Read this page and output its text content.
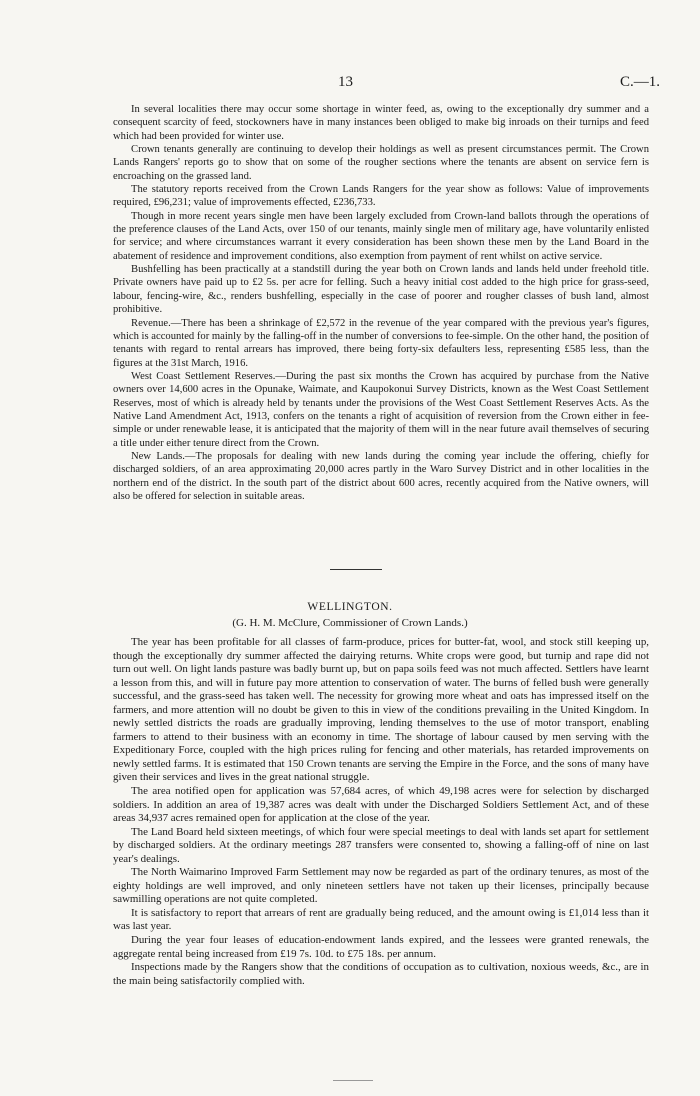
13	C.—1.

In several localities there may occur some shortage in winter feed, as, owing to the exceptionally dry summer and a consequent scarcity of feed, stockowners have in many instances been obliged to make big inroads on their turnips and feed which had been provided for winter use.

Crown tenants generally are continuing to develop their holdings as well as present circumstances permit. The Crown Lands Rangers' reports go to show that on some of the rougher sections where the tenants are absent on service fern is encroaching on the grassed land.

The statutory reports received from the Crown Lands Rangers for the year show as follows: Value of improvements required, £96,231; value of improvements effected, £236,733.

Though in more recent years single men have been largely excluded from Crown-land ballots through the operations of the preference clauses of the Land Acts, over 150 of our tenants, mainly single men of military age, have voluntarily enlisted for service; and where circumstances warrant it every consideration has been shown these men by the Land Board in the abatement of residence and improvement conditions, also exemption from payment of rent whilst on active service.

Bushfelling has been practically at a standstill during the year both on Crown lands and lands held under freehold title. Private owners have paid up to £2 5s. per acre for felling. Such a heavy initial cost added to the high price for grass-seed, labour, fencing-wire, &c., renders bushfelling, especially in the case of poorer and rougher classes of bush land, almost prohibitive.

Revenue.—There has been a shrinkage of £2,572 in the revenue of the year compared with the previous year's figures, which is accounted for mainly by the falling-off in the number of conversions to fee-simple. On the other hand, the position of tenants with regard to rental arrears has improved, there being forty-six defaulters less, representing £585 less, than the figures at the 31st March, 1916.

West Coast Settlement Reserves.—During the past six months the Crown has acquired by purchase from the Native owners over 14,600 acres in the Opunake, Waimate, and Kaupokonui Survey Districts, known as the West Coast Settlement Reserves, most of which is already held by tenants under the provisions of the West Coast Settlement Reserves Acts. As the Native Land Amendment Act, 1913, confers on the tenants a right of acquisition of reversion from the Crown either in fee-simple or under renewable lease, it is anticipated that the majority of them will in the near future avail themselves of securing a title under either tenure direct from the Crown.

New Lands.—The proposals for dealing with new lands during the coming year include the offering, chiefly for discharged soldiers, of an area approximating 20,000 acres partly in the Waro Survey District and in other localities in the northern end of the district. In the south part of the district about 600 acres, recently acquired from the Native owners, will also be offered for selection in suitable areas.

WELLINGTON.
(G. H. M. McClure, Commissioner of Crown Lands.)

The year has been profitable for all classes of farm-produce, prices for butter-fat, wool, and stock still keeping up, though the exceptionally dry summer affected the dairying returns. White crops were good, but turnip and rape did not turn out well. On light lands pasture was badly burnt up, but on papa soils feed was not much affected. Settlers have learnt a lesson from this, and will in future pay more attention to conservation of water. The burns of felled bush were generally successful, and the grass-seed has taken well. The necessity for growing more wheat and oats has impressed itself on the farmers, and more attention will no doubt be given to this in view of the conditions prevailing in the United Kingdom. In newly settled districts the roads are gradually improving, lending themselves to the use of motor transport, enabling farmers to attend to their business with an economy in time. The shortage of labour caused by men serving with the Expeditionary Force, coupled with the high prices ruling for fencing and other materials, has retarded improvements on newly settled farms. It is estimated that 150 Crown tenants are serving the Empire in the Force, and the sons of many have given their services and lives in the great national struggle.

The area notified open for application was 57,684 acres, of which 49,198 acres were for selection by discharged soldiers. In addition an area of 19,387 acres was dealt with under the Discharged Soldiers Settlement Act, and of these areas 34,937 acres remained open for application at the close of the year.

The Land Board held sixteen meetings, of which four were special meetings to deal with lands set apart for settlement by discharged soldiers. At the ordinary meetings 287 transfers were consented to, showing a falling-off of nine on last year's dealings.

The North Waimarino Improved Farm Settlement may now be regarded as part of the ordinary tenures, as most of the eighty holdings are well improved, and only nineteen settlers have not taken up their licenses, principally because sawmilling operations are not quite completed.

It is satisfactory to report that arrears of rent are gradually being reduced, and the amount owing is £1,014 less than it was last year.

During the year four leases of education-endowment lands expired, and the lessees were granted renewals, the aggregate rental being increased from £19 7s. 10d. to £75 18s. per annum.

Inspections made by the Rangers show that the conditions of occupation as to cultivation, noxious weeds, &c., are in the main being satisfactorily complied with.
